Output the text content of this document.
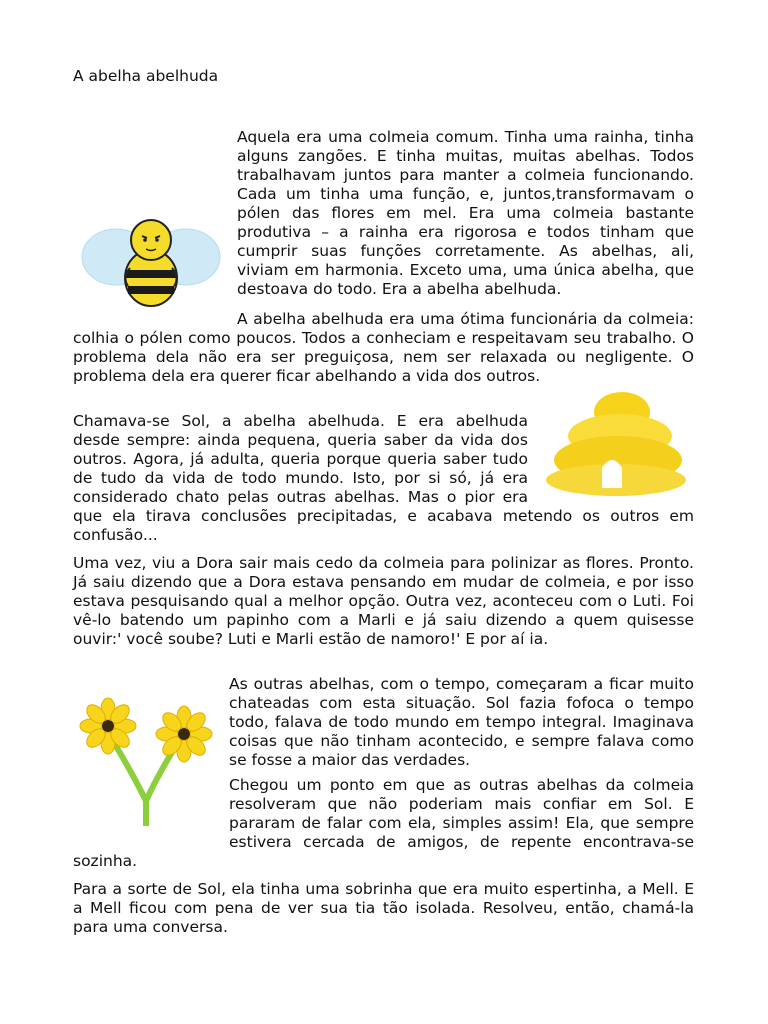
A abelha abelhuda
Aquela era uma colmeia comum. Tinha uma rainha, tinha alguns zangões. E tinha muitas, muitas abelhas. Todos trabalhavam juntos para manter a colmeia funcionando. Cada um tinha uma função, e, juntos,transformavam o pólen das flores em mel. Era uma colmeia bastante produtiva – a rainha era rigorosa e todos tinham que cumprir suas funções corretamente. As abelhas, ali, viviam em harmonia. Exceto uma, uma única abelha, que destoava do todo. Era a abelha abelhuda.
A abelha abelhuda era uma ótima funcionária da colmeia: colhia o pólen como poucos. Todos a conheciam e respeitavam seu trabalho. O problema dela não era ser preguiçosa, nem ser relaxada ou negligente. O problema dela era querer ficar abelhando a vida dos outros.
Chamava-se Sol, a abelha abelhuda. E era abelhuda desde sempre: ainda pequena, queria saber da vida dos outros. Agora, já adulta, queria porque queria saber tudo de tudo da vida de todo mundo. Isto, por si só, já era considerado chato pelas outras abelhas. Mas o pior era que ela tirava conclusões precipitadas, e acabava metendo os outros em confusão...
Uma vez, viu a Dora sair mais cedo da colmeia para polinizar as flores. Pronto. Já saiu dizendo que a Dora estava pensando em mudar de colmeia, e por isso estava pesquisando qual a melhor opção. Outra vez, aconteceu com o Luti. Foi vê-lo batendo um papinho com a Marli e já saiu dizendo a quem quisesse ouvir:' você soube? Luti e Marli estão de namoro!' E por aí ia.
As outras abelhas, com o tempo, começaram a ficar muito chateadas com esta situação. Sol fazia fofoca o tempo todo, falava de todo mundo em tempo integral. Imaginava coisas que não tinham acontecido, e sempre falava como se fosse a maior das verdades.
Chegou um ponto em que as outras abelhas da colmeia resolveram que não poderiam mais confiar em Sol. E pararam de falar com ela, simples assim! Ela, que sempre estivera cercada de amigos, de repente encontrava-se sozinha.
Para a sorte de Sol, ela tinha uma sobrinha que era muito espertinha, a Mell. E a Mell ficou com pena de ver sua tia tão isolada. Resolveu, então, chamá-la para uma conversa.
